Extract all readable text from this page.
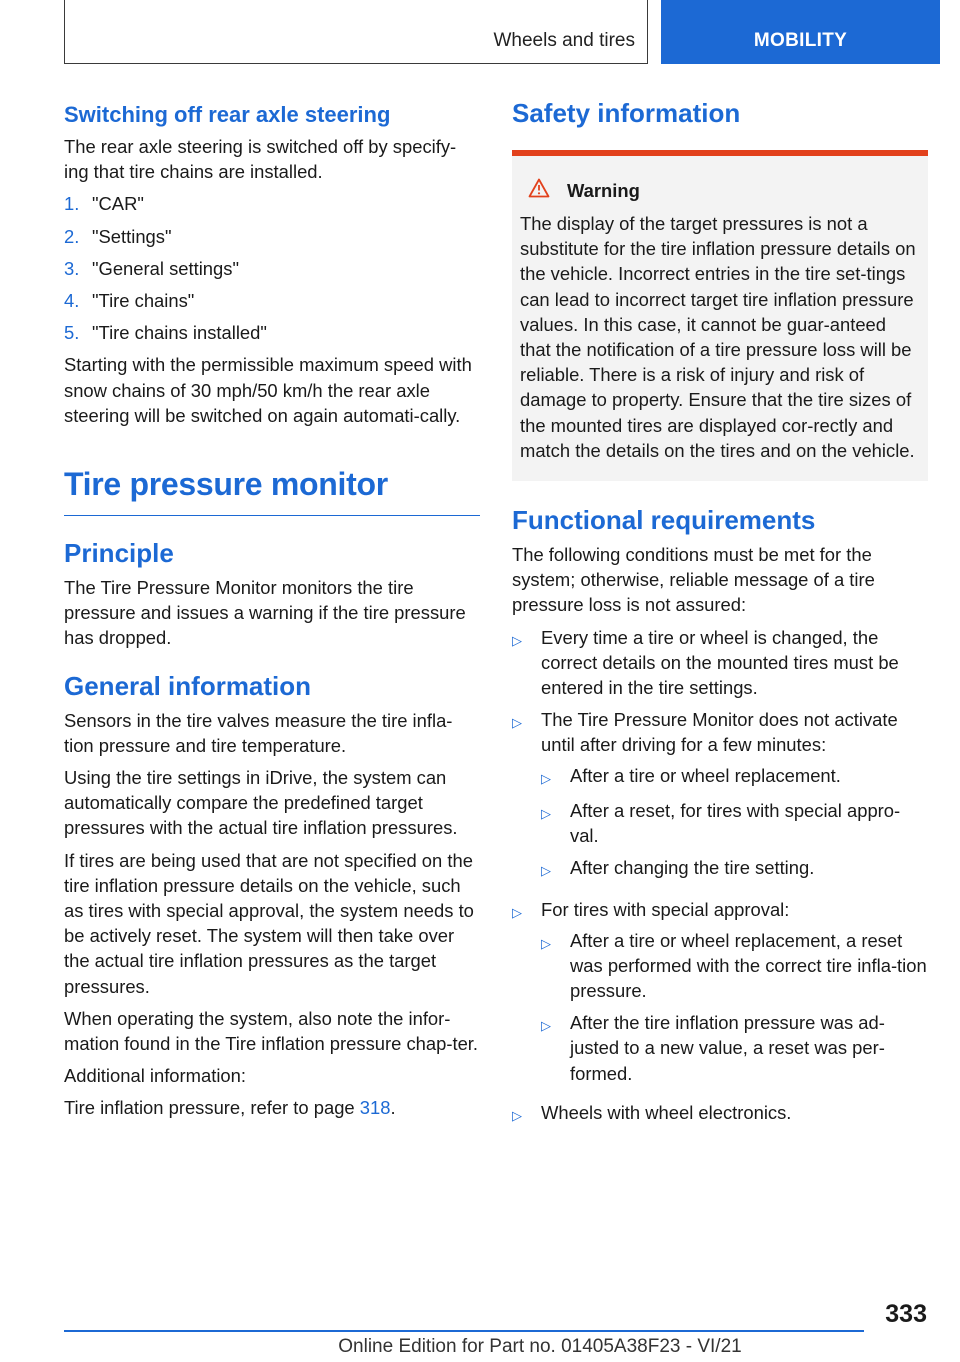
Wheels and tires	MOBILITY
Switching off rear axle steering

The rear axle steering is switched off by specify-ing that tire chains are installed.

1. "CAR"
2. "Settings"
3. "General settings"
4. "Tire chains"
5. "Tire chains installed"

Starting with the permissible maximum speed with snow chains of 30 mph/50 km/h the rear axle steering will be switched on again automati-cally.

Tire pressure monitor
Principle

The Tire Pressure Monitor monitors the tire pressure and issues a warning if the tire pressure has dropped.

General information

Sensors in the tire valves measure the tire infla-tion pressure and tire temperature.

Using the tire settings in iDrive, the system can automatically compare the predefined target pressures with the actual tire inflation pressures.

If tires are being used that are not specified on the tire inflation pressure details on the vehicle, such as tires with special approval, the system needs to be actively reset. The system will then take over the actual tire inflation pressures as the target pressures.

When operating the system, also note the infor-mation found in the Tire inflation pressure chap-ter.

Additional information:

Tire inflation pressure, refer to page 318.

Safety information
Warning

The display of the target pressures is not a substitute for the tire inflation pressure details on the vehicle. Incorrect entries in the tire set-tings can lead to incorrect target tire inflation pressure values. In this case, it cannot be guar-anteed that the notification of a tire pressure loss will be reliable. There is a risk of injury and risk of damage to property. Ensure that the tire sizes of the mounted tires are displayed cor-rectly and match the details on the tires and on the vehicle.

Functional requirements

The following conditions must be met for the system; otherwise, reliable message of a tire pressure loss is not assured:

▷	Every time a tire or wheel is changed, the correct details on the mounted tires must be entered in the tire settings.
▷	The Tire Pressure Monitor does not activate until after driving for a few minutes:
▷	After a tire or wheel replacement.
▷	After a reset, for tires with special appro-val.
▷	After changing the tire setting.
▷	For tires with special approval:
▷	After a tire or wheel replacement, a reset was performed with the correct tire infla-tion pressure.
▷	After the tire inflation pressure was ad-justed to a new value, a reset was per-formed.
▷	Wheels with wheel electronics.
333
Online Edition for Part no. 01405A38F23 - VI/21
